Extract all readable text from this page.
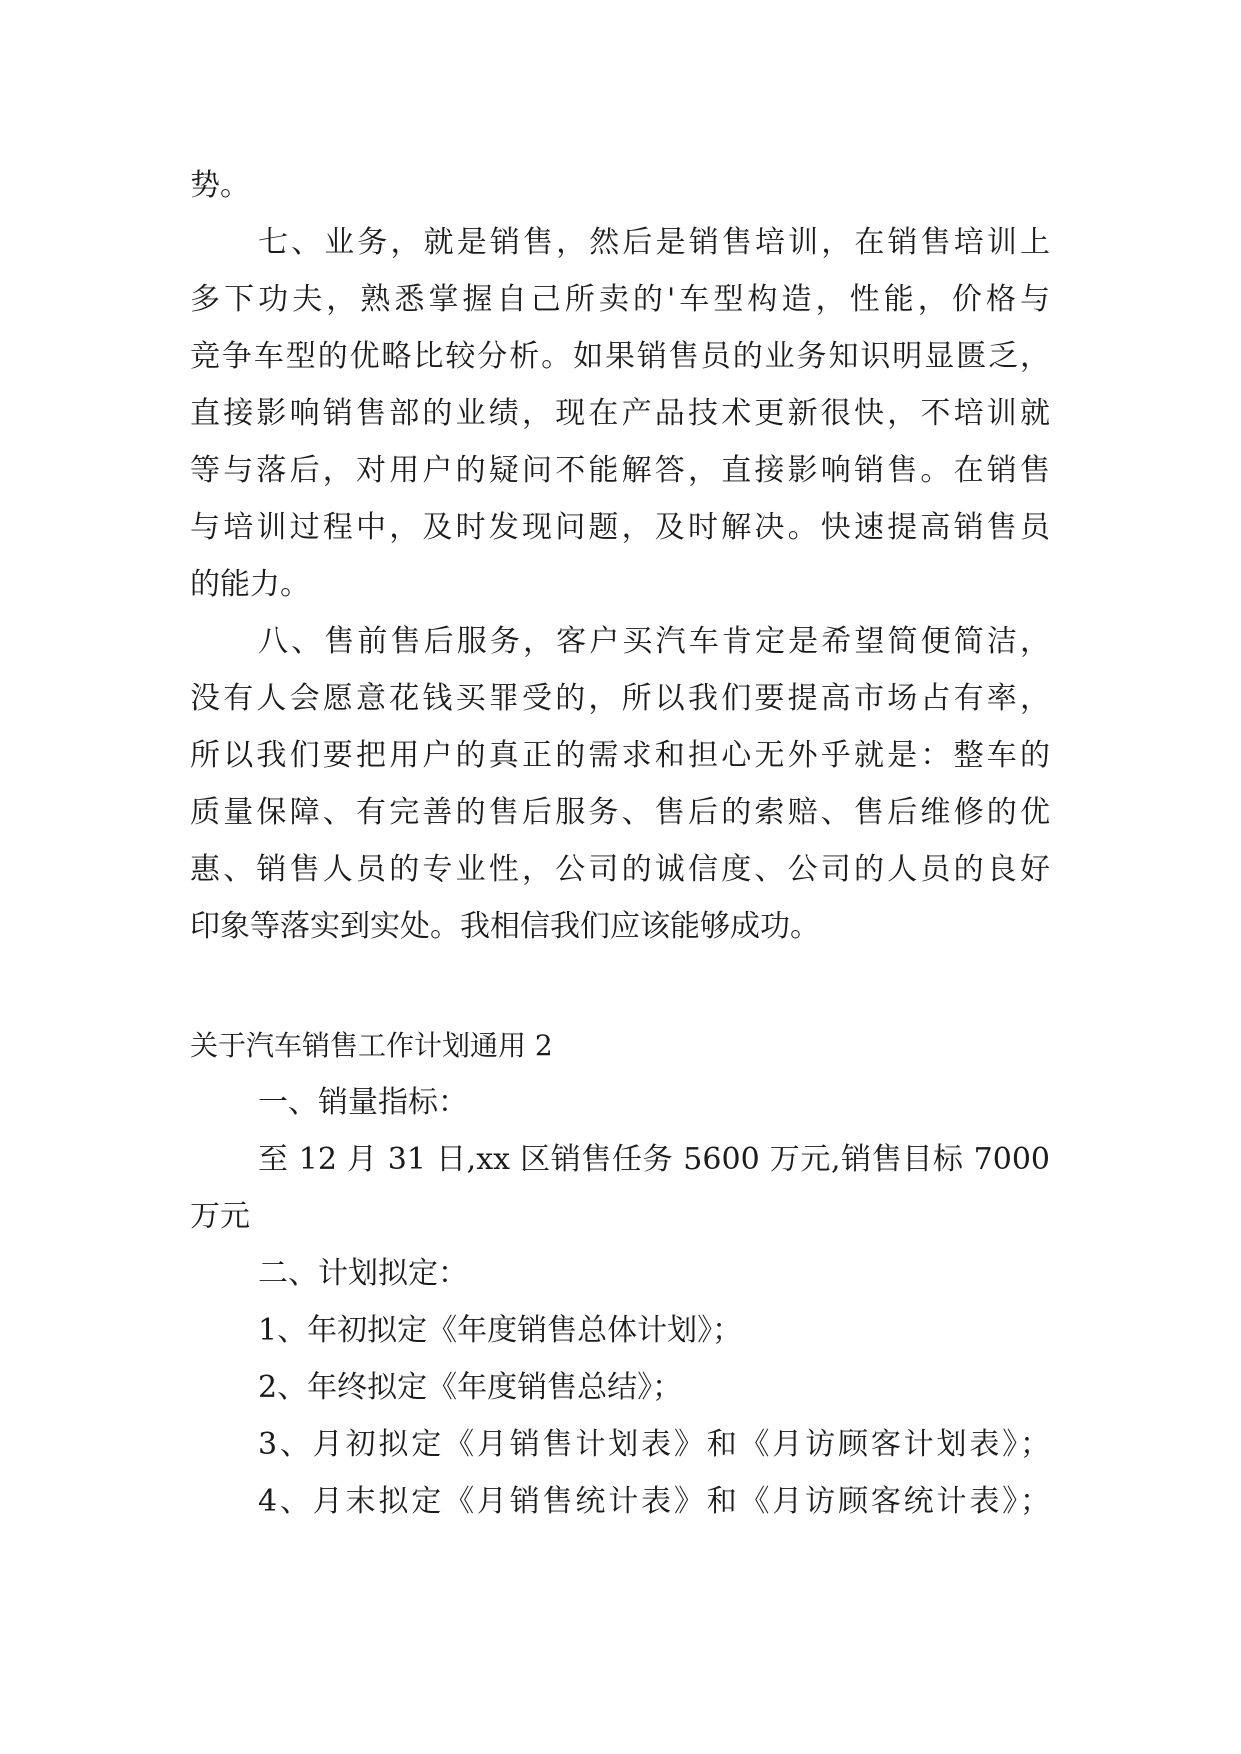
势。
七、业务，就是销售，然后是销售培训，在销售培训上
多下功夫，熟悉掌握自己所卖的'车型构造，性能，价格与
竞争车型的优略比较分析。如果销售员的业务知识明显匮乏，
直接影响销售部的业绩，现在产品技术更新很快，不培训就
等与落后，对用户的疑问不能解答，直接影响销售。在销售
与培训过程中，及时发现问题，及时解决。快速提高销售员
的能力。
八、售前售后服务，客户买汽车肯定是希望简便简洁，
没有人会愿意花钱买罪受的，所以我们要提高市场占有率，
所以我们要把用户的真正的需求和担心无外乎就是：整车的
质量保障、有完善的售后服务、售后的索赔、售后维修的优
惠、销售人员的专业性，公司的诚信度、公司的人员的良好
印象等落实到实处。我相信我们应该能够成功。
关于汽车销售工作计划通用 2
一、销量指标：
至 12 月 31 日,xx 区销售任务 5600 万元,销售目标 7000
万元
二、计划拟定：
1、年初拟定《年度销售总体计划》；
2、年终拟定《年度销售总结》；
3、月初拟定《月销售计划表》和《月访顾客计划表》；
4、月末拟定《月销售统计表》和《月访顾客统计表》；
